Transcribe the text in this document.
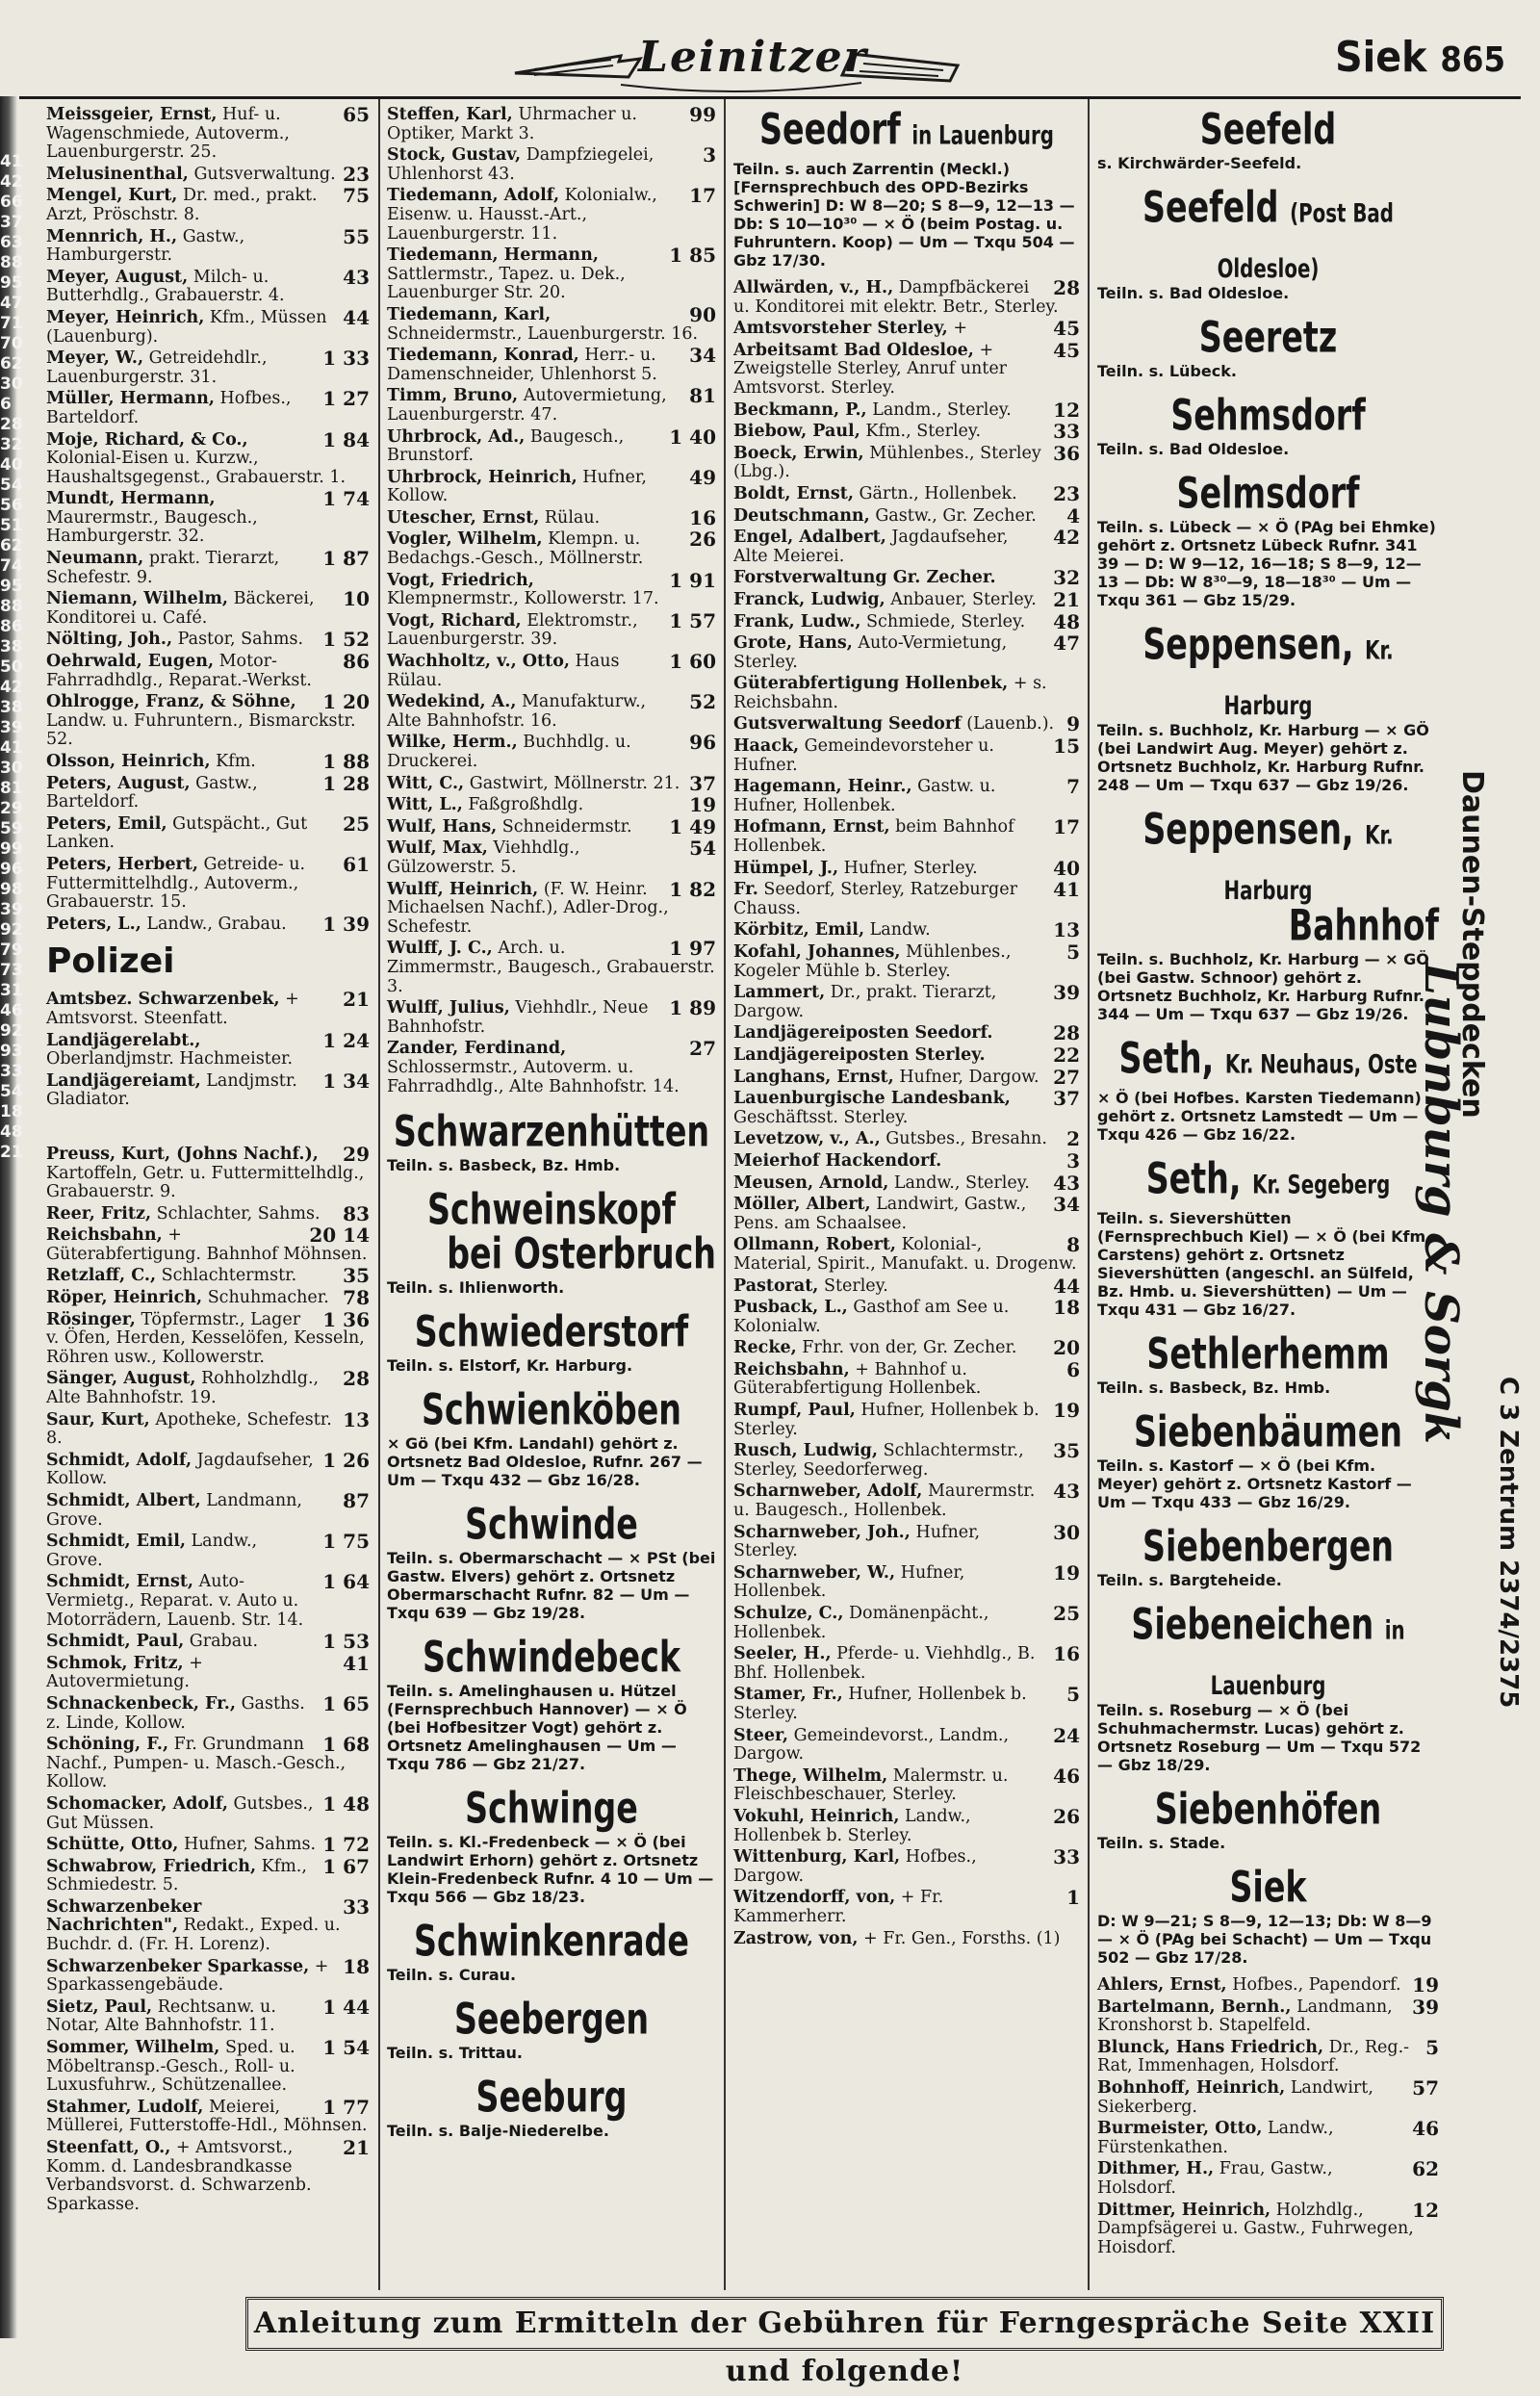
41
42
66
37
63
88
95
47
71
70
62
30
6
28
32
40
54
56
51
62
74
95
88
86
38
50
42
38
39
41
30
81
29
59
99
96
98
39
92
79
73
31
46
92
93
33
54
18
48
21
Leinitzer	Siek 865
65
Meissgeier, Ernst, Huf- u. Wagenschmiede, Autoverm., Lauenburgerstr. 25.
23
Melusinenthal, Gutsverwaltung.
75
Mengel, Kurt, Dr. med., prakt. Arzt, Pröschstr. 8.
55
Mennrich, H., Gastw., Hamburgerstr.
43
Meyer, August, Milch- u. Butterhdlg., Grabauerstr. 4.
44
Meyer, Heinrich, Kfm., Müssen (Lauenburg).
1 33
Meyer, W., Getreidehdlr., Lauenburgerstr. 31.
1 27
Müller, Hermann, Hofbes., Barteldorf.
1 84
Moje, Richard, & Co., Kolonial-Eisen u. Kurzw., Haushaltsgegenst., Grabauerstr. 1.
1 74
Mundt, Hermann, Maurermstr., Baugesch., Hamburgerstr. 32.
1 87
Neumann, prakt. Tierarzt, Schefestr. 9.
10
Niemann, Wilhelm, Bäckerei, Konditorei u. Café.
1 52
Nölting, Joh., Pastor, Sahms.
86
Oehrwald, Eugen, Motor-Fahrradhdlg., Reparat.-Werkst.
1 20
Ohlrogge, Franz, & Söhne, Landw. u. Fuhruntern., Bismarckstr. 52.
1 88
Olsson, Heinrich, Kfm.
1 28
Peters, August, Gastw., Barteldorf.
25
Peters, Emil, Gutspächt., Gut Lanken.
61
Peters, Herbert, Getreide- u. Futtermittelhdlg., Autoverm., Grabauerstr. 15.
1 39
Peters, L., Landw., Grabau.
Polizei
21
Amtsbez. Schwarzenbek, + Amtsvorst. Steenfatt.
1 24
Landjägerelabt., Oberlandjmstr. Hachmeister.
1 34
Landjägereiamt, Landjmstr. Gladiator.
29
Preuss, Kurt, (Johns Nachf.), Kartoffeln, Getr. u. Futtermittelhdlg., Grabauerstr. 9.
83
Reer, Fritz, Schlachter, Sahms.
20 14
Reichsbahn, + Güterabfertigung. Bahnhof Möhnsen.
35
Retzlaff, C., Schlachtermstr.
78
Röper, Heinrich, Schuhmacher.
1 36
Rösinger, Töpfermstr., Lager v. Öfen, Herden, Kesselöfen, Kesseln, Röhren usw., Kollowerstr.
28
Sänger, August, Rohholzhdlg., Alte Bahnhofstr. 19.
13
Saur, Kurt, Apotheke, Schefestr. 8.
1 26
Schmidt, Adolf, Jagdaufseher, Kollow.
87
Schmidt, Albert, Landmann, Grove.
1 75
Schmidt, Emil, Landw., Grove.
1 64
Schmidt, Ernst, Auto-Vermietg., Reparat. v. Auto u. Motorrädern, Lauenb. Str. 14.
1 53
Schmidt, Paul, Grabau.
41
Schmok, Fritz, + Autovermietung.
1 65
Schnackenbeck, Fr., Gasths. z. Linde, Kollow.
1 68
Schöning, F., Fr. Grundmann Nachf., Pumpen- u. Masch.-Gesch., Kollow.
1 48
Schomacker, Adolf, Gutsbes., Gut Müssen.
1 72
Schütte, Otto, Hufner, Sahms.
1 67
Schwabrow, Friedrich, Kfm., Schmiedestr. 5.
33
Schwarzenbeker Nachrichten", Redakt., Exped. u. Buchdr. d. (Fr. H. Lorenz).
18
Schwarzenbeker Sparkasse, + Sparkassengebäude.
1 44
Sietz, Paul, Rechtsanw. u. Notar, Alte Bahnhofstr. 11.
1 54
Sommer, Wilhelm, Sped. u. Möbeltransp.-Gesch., Roll- u. Luxusfuhrw., Schützenallee.
1 77
Stahmer, Ludolf, Meierei, Müllerei, Futterstoffe-Hdl., Möhnsen.
21
Steenfatt, O., + Amtsvorst., Komm. d. Landesbrandkasse Verbandsvorst. d. Schwarzenb. Sparkasse.
99
Steffen, Karl, Uhrmacher u. Optiker, Markt 3.
3
Stock, Gustav, Dampfziegelei, Uhlenhorst 43.
17
Tiedemann, Adolf, Kolonialw., Eisenw. u. Hausst.-Art., Lauenburgerstr. 11.
1 85
Tiedemann, Hermann, Sattlermstr., Tapez. u. Dek., Lauenburger Str. 20.
90
Tiedemann, Karl, Schneidermstr., Lauenburgerstr. 16.
34
Tiedemann, Konrad, Herr.- u. Damenschneider, Uhlenhorst 5.
81
Timm, Bruno, Autovermietung, Lauenburgerstr. 47.
1 40
Uhrbrock, Ad., Baugesch., Brunstorf.
49
Uhrbrock, Heinrich, Hufner, Kollow.
16
Utescher, Ernst, Rülau.
26
Vogler, Wilhelm, Klempn. u. Bedachgs.-Gesch., Möllnerstr.
1 91
Vogt, Friedrich, Klempnermstr., Kollowerstr. 17.
1 57
Vogt, Richard, Elektromstr., Lauenburgerstr. 39.
1 60
Wachholtz, v., Otto, Haus Rülau.
52
Wedekind, A., Manufakturw., Alte Bahnhofstr. 16.
96
Wilke, Herm., Buchhdlg. u. Druckerei.
37
Witt, C., Gastwirt, Möllnerstr. 21.
19
Witt, L., Faßgroßhdlg.
1 49
Wulf, Hans, Schneidermstr.
54
Wulf, Max, Viehhdlg., Gülzowerstr. 5.
1 82
Wulff, Heinrich, (F. W. Heinr. Michaelsen Nachf.), Adler-Drog., Schefestr.
1 97
Wulff, J. C., Arch. u. Zimmermstr., Baugesch., Grabauerstr. 3.
1 89
Wulff, Julius, Viehhdlr., Neue Bahnhofstr.
27
Zander, Ferdinand, Schlossermstr., Autoverm. u. Fahrradhdlg., Alte Bahnhofstr. 14.
Schwarzenhütten
Teiln. s. Basbeck, Bz. Hmb.
Schweinskopf
bei Osterbruch
Teiln. s. Ihlienworth.
Schwiederstorf
Teiln. s. Elstorf, Kr. Harburg.
Schwienköben
× Gö (bei Kfm. Landahl) gehört z. Ortsnetz Bad Oldesloe, Rufnr. 267 — Um — Txqu 432 — Gbz 16/28.
Schwinde
Teiln. s. Obermarschacht — × PSt (bei Gastw. Elvers) gehört z. Ortsnetz Obermarschacht Rufnr. 82 — Um — Txqu 639 — Gbz 19/28.
Schwindebeck
Teiln. s. Amelinghausen u. Hützel (Fernsprechbuch Hannover) — × Ö (bei Hofbesitzer Vogt) gehört z. Ortsnetz Amelinghausen — Um — Txqu 786 — Gbz 21/27.
Schwinge
Teiln. s. Kl.-Fredenbeck — × Ö (bei Landwirt Erhorn) gehört z. Ortsnetz Klein-Fredenbeck Rufnr. 4 10 — Um — Txqu 566 — Gbz 18/23.
Schwinkenrade
Teiln. s. Curau.
Seebergen
Teiln. s. Trittau.
Seeburg
Teiln. s. Balje-Niederelbe.
Seedorf in Lauenburg
Teiln. s. auch Zarrentin (Meckl.) [Fernsprechbuch des OPD-Bezirks Schwerin] D: W 8—20; S 8—9, 12—13 — Db: S 10—10³⁰ — × Ö (beim Postag. u. Fuhruntern. Koop) — Um — Txqu 504 — Gbz 17/30.
28
Allwärden, v., H., Dampfbäckerei u. Konditorei mit elektr. Betr., Sterley.
45
Amtsvorsteher Sterley, +
45
Arbeitsamt Bad Oldesloe, + Zweigstelle Sterley, Anruf unter Amtsvorst. Sterley.
12
Beckmann, P., Landm., Sterley.
33
Biebow, Paul, Kfm., Sterley.
36
Boeck, Erwin, Mühlenbes., Sterley (Lbg.).
23
Boldt, Ernst, Gärtn., Hollenbek.
4
Deutschmann, Gastw., Gr. Zecher.
42
Engel, Adalbert, Jagdaufseher, Alte Meierei.
32
Forstverwaltung Gr. Zecher.
21
Franck, Ludwig, Anbauer, Sterley.
48
Frank, Ludw., Schmiede, Sterley.
47
Grote, Hans, Auto-Vermietung, Sterley.
Güterabfertigung Hollenbek, + s. Reichsbahn.
9
Gutsverwaltung Seedorf (Lauenb.).
15
Haack, Gemeindevorsteher u. Hufner.
7
Hagemann, Heinr., Gastw. u. Hufner, Hollenbek.
17
Hofmann, Ernst, beim Bahnhof Hollenbek.
40
Hümpel, J., Hufner, Sterley.
41
Fr. Seedorf, Sterley, Ratzeburger Chauss.
13
Körbitz, Emil, Landw.
5
Kofahl, Johannes, Mühlenbes., Kogeler Mühle b. Sterley.
39
Lammert, Dr., prakt. Tierarzt, Dargow.
28
Landjägereiposten Seedorf.
22
Landjägereiposten Sterley.
27
Langhans, Ernst, Hufner, Dargow.
37
Lauenburgische Landesbank, Geschäftsst. Sterley.
2
Levetzow, v., A., Gutsbes., Bresahn.
3
Meierhof Hackendorf.
43
Meusen, Arnold, Landw., Sterley.
34
Möller, Albert, Landwirt, Gastw., Pens. am Schaalsee.
8
Ollmann, Robert, Kolonial-, Material, Spirit., Manufakt. u. Drogenw.
44
Pastorat, Sterley.
18
Pusback, L., Gasthof am See u. Kolonialw.
20
Recke, Frhr. von der, Gr. Zecher.
6
Reichsbahn, + Bahnhof u. Güterabfertigung Hollenbek.
19
Rumpf, Paul, Hufner, Hollenbek b. Sterley.
35
Rusch, Ludwig, Schlachtermstr., Sterley, Seedorferweg.
43
Scharnweber, Adolf, Maurermstr. u. Baugesch., Hollenbek.
30
Scharnweber, Joh., Hufner, Sterley.
19
Scharnweber, W., Hufner, Hollenbek.
25
Schulze, C., Domänenpächt., Hollenbek.
16
Seeler, H., Pferde- u. Viehhdlg., B. Bhf. Hollenbek.
5
Stamer, Fr., Hufner, Hollenbek b. Sterley.
24
Steer, Gemeindevorst., Landm., Dargow.
46
Thege, Wilhelm, Malermstr. u. Fleischbeschauer, Sterley.
26
Vokuhl, Heinrich, Landw., Hollenbek b. Sterley.
33
Wittenburg, Karl, Hofbes., Dargow.
1
Witzendorff, von, + Fr. Kammerherr.
Zastrow, von, + Fr. Gen., Forsths. (1)
Seefeld
s. Kirchwärder-Seefeld.
Seefeld (Post Bad Oldesloe)
Teiln. s. Bad Oldesloe.
Seeretz
Teiln. s. Lübeck.
Sehmsdorf
Teiln. s. Bad Oldesloe.
Selmsdorf
Teiln. s. Lübeck — × Ö (PAg bei Ehmke) gehört z. Ortsnetz Lübeck Rufnr. 341 39 — D: W 9—12, 16—18; S 8—9, 12—13 — Db: W 8³⁰—9, 18—18³⁰ — Um — Txqu 361 — Gbz 15/29.
Seppensen, Kr. Harburg
Teiln. s. Buchholz, Kr. Harburg — × GÖ (bei Landwirt Aug. Meyer) gehört z. Ortsnetz Buchholz, Kr. Harburg Rufnr. 248 — Um — Txqu 637 — Gbz 19/26.
Seppensen, Kr. Harburg
Bahnhof
Teiln. s. Buchholz, Kr. Harburg — × GÖ (bei Gastw. Schnoor) gehört z. Ortsnetz Buchholz, Kr. Harburg Rufnr. 344 — Um — Txqu 637 — Gbz 19/26.
Seth, Kr. Neuhaus, Oste
× Ö (bei Hofbes. Karsten Tiedemann) gehört z. Ortsnetz Lamstedt — Um — Txqu 426 — Gbz 16/22.
Seth, Kr. Segeberg
Teiln. s. Sievershütten (Fernsprechbuch Kiel) — × Ö (bei Kfm. Carstens) gehört z. Ortsnetz Sievershütten (angeschl. an Sülfeld, Bz. Hmb. u. Sievershütten) — Um — Txqu 431 — Gbz 16/27.
Sethlerhemm
Teiln. s. Basbeck, Bz. Hmb.
Siebenbäumen
Teiln. s. Kastorf — × Ö (bei Kfm. Meyer) gehört z. Ortsnetz Kastorf — Um — Txqu 433 — Gbz 16/29.
Siebenbergen
Teiln. s. Bargteheide.
Siebeneichen in Lauenburg
Teiln. s. Roseburg — × Ö (bei Schuhmachermstr. Lucas) gehört z. Ortsnetz Roseburg — Um — Txqu 572 — Gbz 18/29.
Siebenhöfen
Teiln. s. Stade.
Siek
D: W 9—21; S 8—9, 12—13; Db: W 8—9 — × Ö (PAg bei Schacht) — Um — Txqu 502 — Gbz 17/28.
19
Ahlers, Ernst, Hofbes., Papendorf.
39
Bartelmann, Bernh., Landmann, Kronshorst b. Stapelfeld.
5
Blunck, Hans Friedrich, Dr., Reg.-Rat, Immenhagen, Holsdorf.
57
Bohnhoff, Heinrich, Landwirt, Siekerberg.
46
Burmeister, Otto, Landw., Fürstenkathen.
62
Dithmer, H., Frau, Gastw., Holsdorf.
12
Dittmer, Heinrich, Holzhdlg., Dampfsägerei u. Gastw., Fuhrwegen, Hoisdorf.
Daunen-Steppdecken
Lubnburg & Sorgk
C 3 Zentrum 2374/2375
Anleitung zum Ermitteln der Gebühren für Ferngespräche Seite XXII und folgende!
